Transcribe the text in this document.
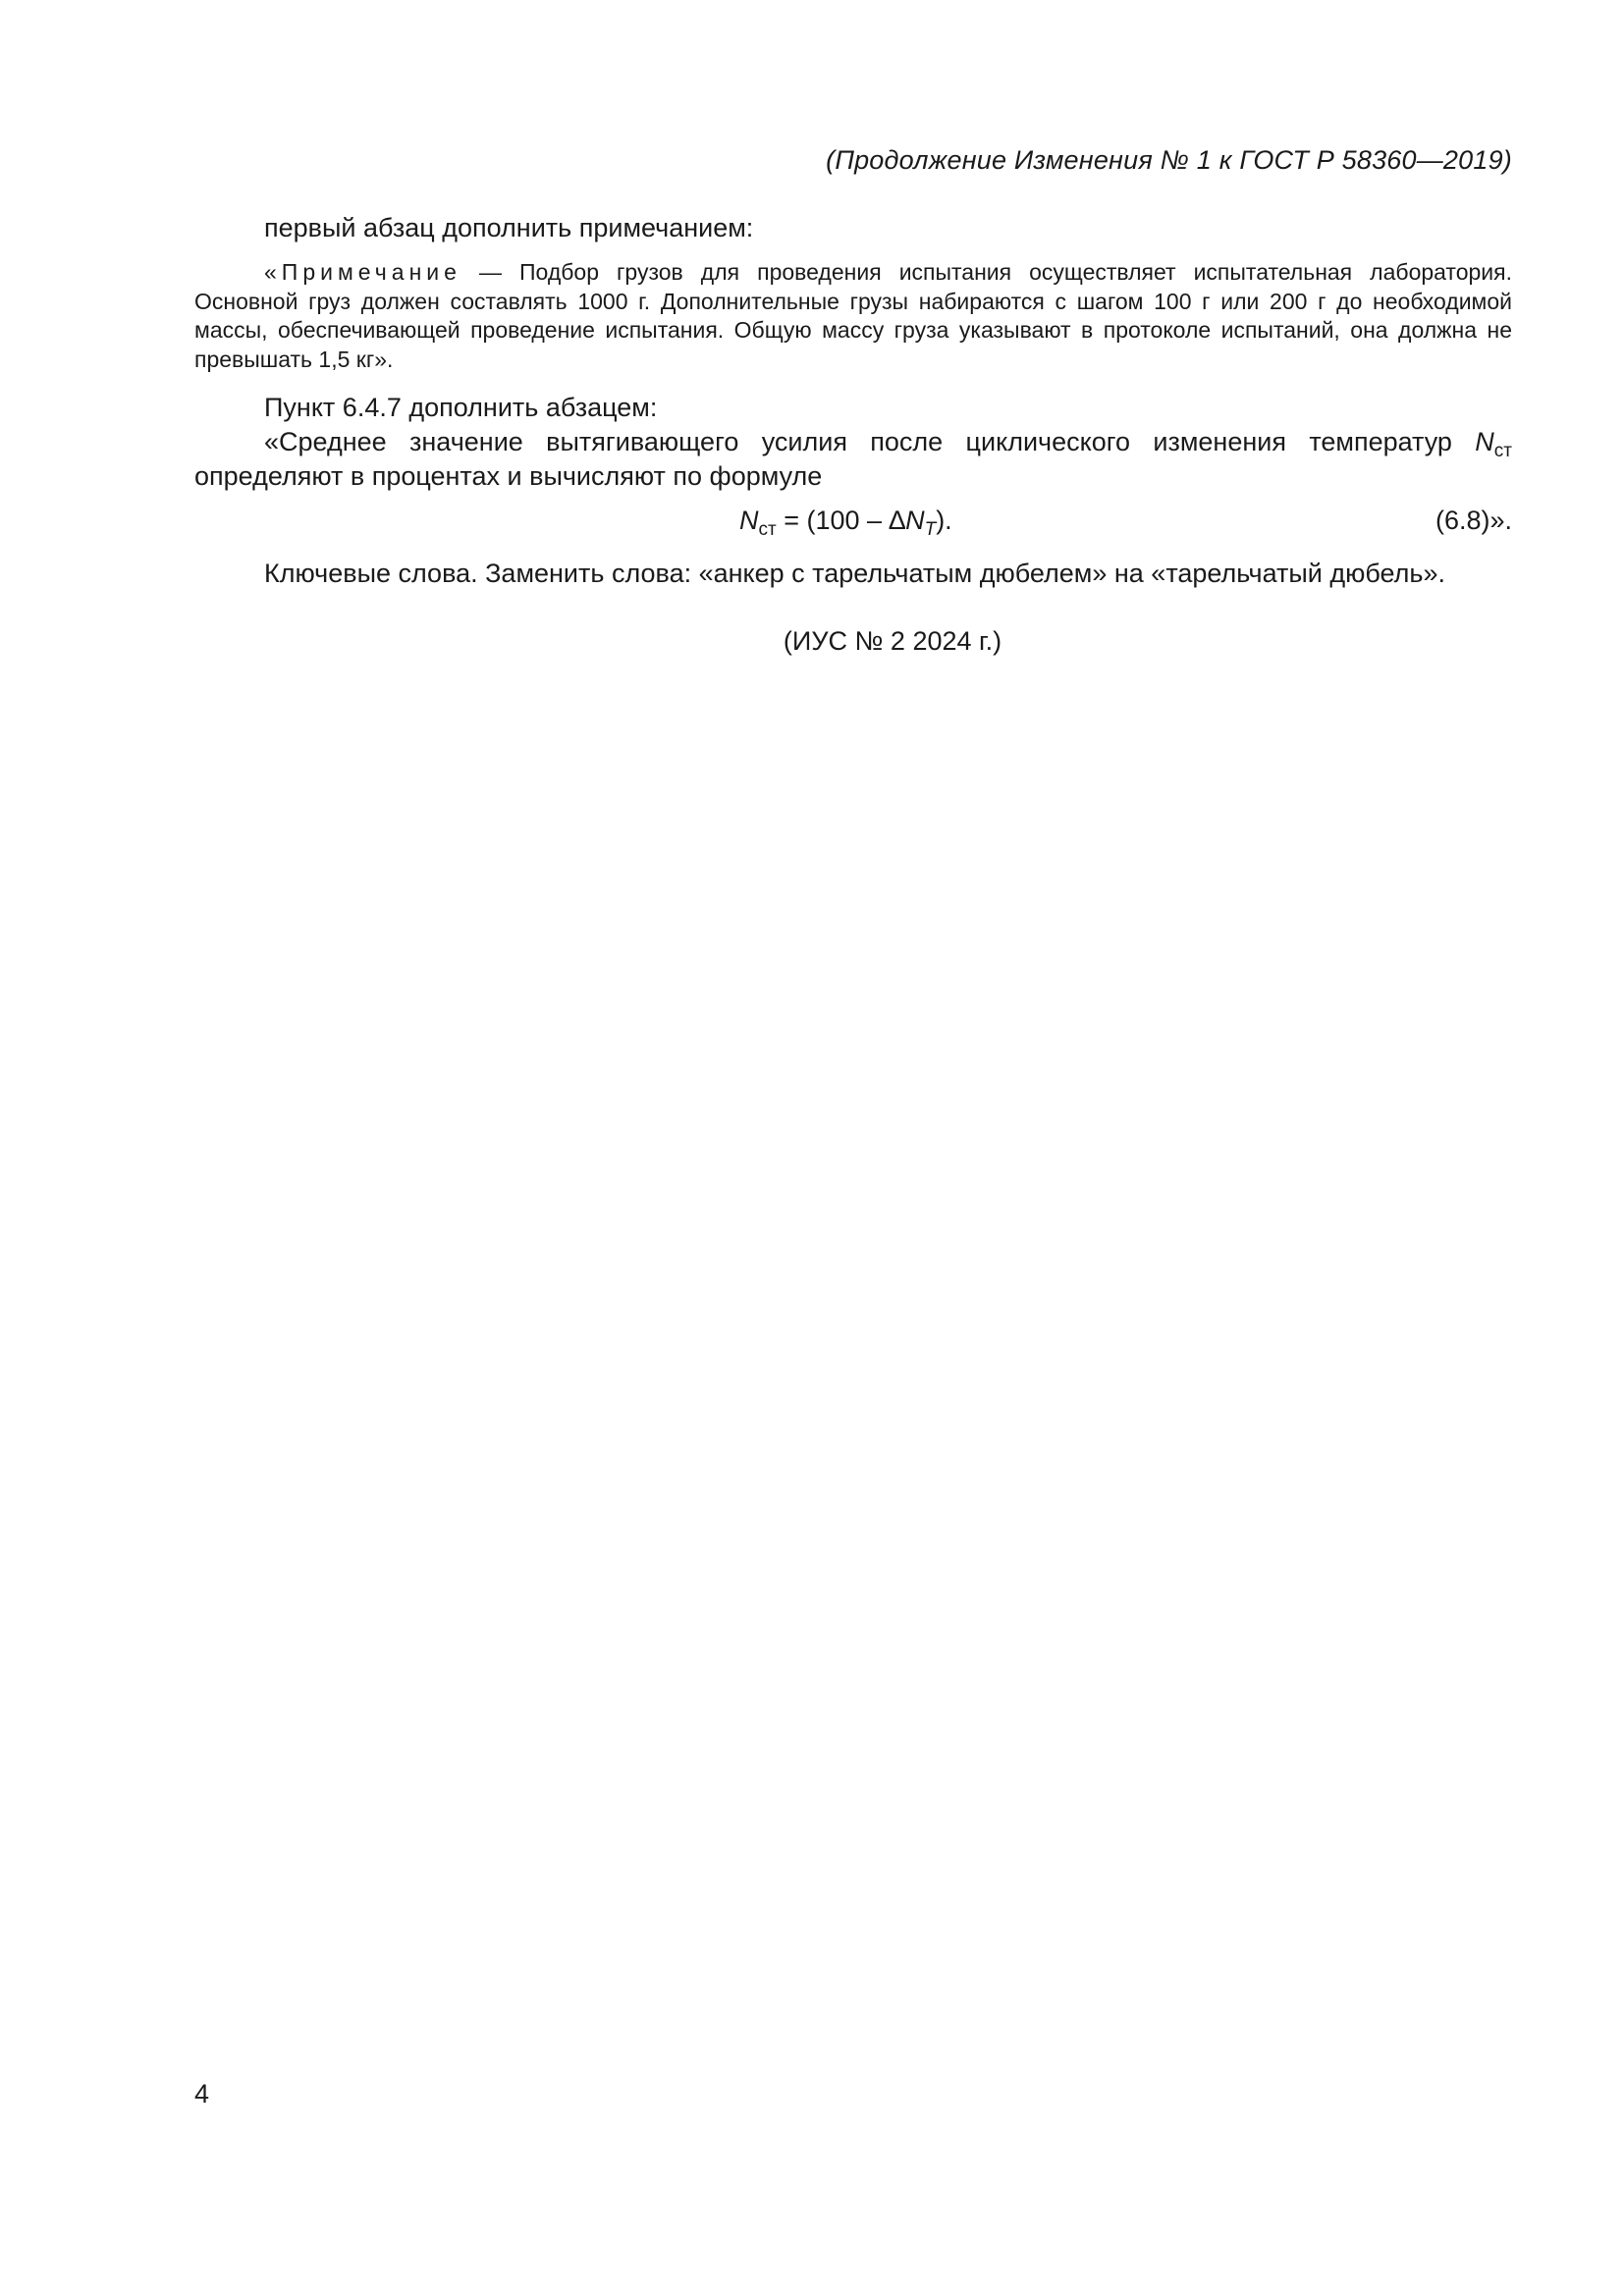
(Продолжение Изменения № 1 к ГОСТ Р 58360—2019)
первый абзац дополнить примечанием:
«Примечание — Подбор грузов для проведения испытания осуществляет испытательная лаборатория. Основной груз должен составлять 1000 г. Дополнительные грузы набираются с шагом 100 г или 200 г до необходимой массы, обеспечивающей проведение испытания. Общую массу груза указывают в протоколе испытаний, она должна не превышать 1,5 кг».
Пункт 6.4.7 дополнить абзацем:
«Среднее значение вытягивающего усилия после циклического изменения температур $N_{ст}$ определяют в процентах и вычисляют по формуле
$N_{ст} = (100 - \Delta N_T)$.	(6.8)».
Ключевые слова. Заменить слова: «анкер с тарельчатым дюбелем» на «тарельчатый дюбель».
(ИУС № 2 2024 г.)
4
